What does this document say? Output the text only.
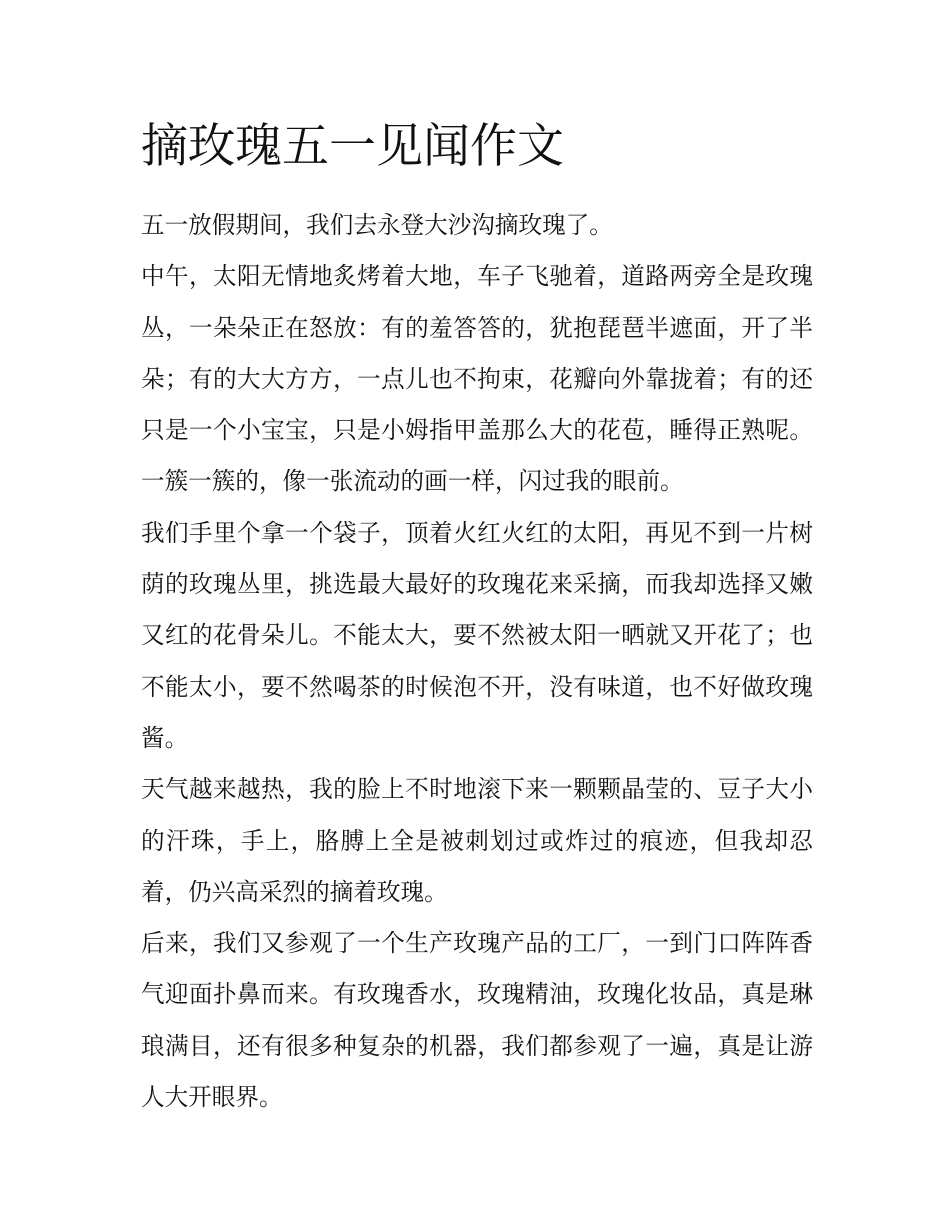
摘玫瑰五一见闻作文

五一放假期间，我们去永登大沙沟摘玫瑰了。

中午，太阳无情地炙烤着大地，车子飞驰着，道路两旁全是玫瑰丛，一朵朵正在怒放：有的羞答答的，犹抱琵琶半遮面，开了半朵；有的大大方方，一点儿也不拘束，花瓣向外靠拢着；有的还只是一个小宝宝，只是小姆指甲盖那么大的花苞，睡得正熟呢。一簇一簇的，像一张流动的画一样，闪过我的眼前。

我们手里个拿一个袋子，顶着火红火红的太阳，再见不到一片树荫的玫瑰丛里，挑选最大最好的玫瑰花来采摘，而我却选择又嫩又红的花骨朵儿。不能太大，要不然被太阳一晒就又开花了；也不能太小，要不然喝茶的时候泡不开，没有味道，也不好做玫瑰酱。

天气越来越热，我的脸上不时地滚下来一颗颗晶莹的、豆子大小的汗珠，手上，胳膊上全是被刺划过或炸过的痕迹，但我却忍着，仍兴高采烈的摘着玫瑰。

后来，我们又参观了一个生产玫瑰产品的工厂，一到门口阵阵香气迎面扑鼻而来。有玫瑰香水，玫瑰精油，玫瑰化妆品，真是琳琅满目，还有很多种复杂的机器，我们都参观了一遍，真是让游人大开眼界。
